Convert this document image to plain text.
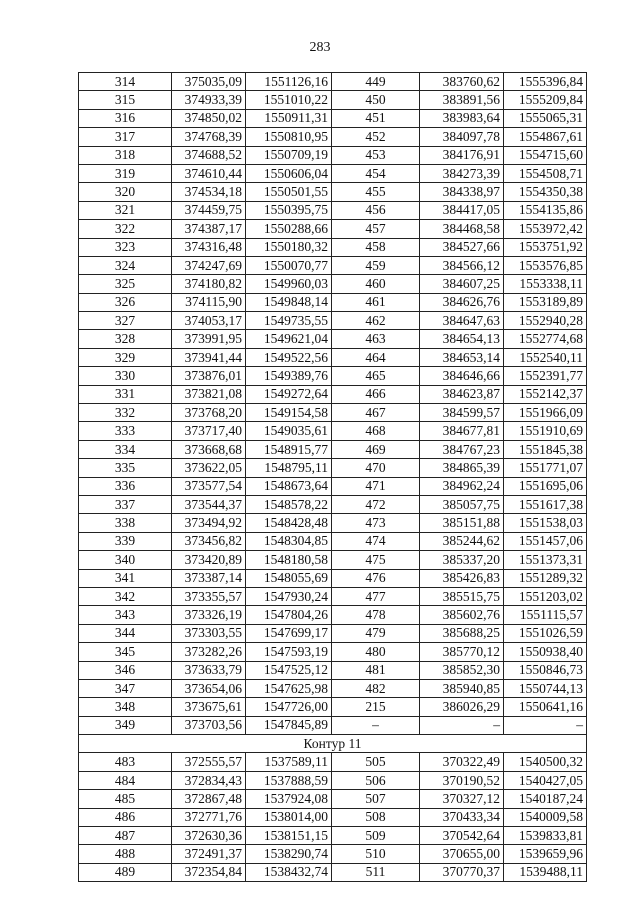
283
314	375035,09	1551126,16	449	383760,62	1555396,84
315	374933,39	1551010,22	450	383891,56	1555209,84
316	374850,02	1550911,31	451	383983,64	1555065,31
317	374768,39	1550810,95	452	384097,78	1554867,61
318	374688,52	1550709,19	453	384176,91	1554715,60
319	374610,44	1550606,04	454	384273,39	1554508,71
320	374534,18	1550501,55	455	384338,97	1554350,38
321	374459,75	1550395,75	456	384417,05	1554135,86
322	374387,17	1550288,66	457	384468,58	1553972,42
323	374316,48	1550180,32	458	384527,66	1553751,92
324	374247,69	1550070,77	459	384566,12	1553576,85
325	374180,82	1549960,03	460	384607,25	1553338,11
326	374115,90	1549848,14	461	384626,76	1553189,89
327	374053,17	1549735,55	462	384647,63	1552940,28
328	373991,95	1549621,04	463	384654,13	1552774,68
329	373941,44	1549522,56	464	384653,14	1552540,11
330	373876,01	1549389,76	465	384646,66	1552391,77
331	373821,08	1549272,64	466	384623,87	1552142,37
332	373768,20	1549154,58	467	384599,57	1551966,09
333	373717,40	1549035,61	468	384677,81	1551910,69
334	373668,68	1548915,77	469	384767,23	1551845,38
335	373622,05	1548795,11	470	384865,39	1551771,07
336	373577,54	1548673,64	471	384962,24	1551695,06
337	373544,37	1548578,22	472	385057,75	1551617,38
338	373494,92	1548428,48	473	385151,88	1551538,03
339	373456,82	1548304,85	474	385244,62	1551457,06
340	373420,89	1548180,58	475	385337,20	1551373,31
341	373387,14	1548055,69	476	385426,83	1551289,32
342	373355,57	1547930,24	477	385515,75	1551203,02
343	373326,19	1547804,26	478	385602,76	1551115,57
344	373303,55	1547699,17	479	385688,25	1551026,59
345	373282,26	1547593,19	480	385770,12	1550938,40
346	373633,79	1547525,12	481	385852,30	1550846,73
347	373654,06	1547625,98	482	385940,85	1550744,13
348	373675,61	1547726,00	215	386026,29	1550641,16
349	373703,56	1547845,89	–	–	–
Контур 11					
483	372555,57	1537589,11	505	370322,49	1540500,32
484	372834,43	1537888,59	506	370190,52	1540427,05
485	372867,48	1537924,08	507	370327,12	1540187,24
486	372771,76	1538014,00	508	370433,34	1540009,58
487	372630,36	1538151,15	509	370542,64	1539833,81
488	372491,37	1538290,74	510	370655,00	1539659,96
489	372354,84	1538432,74	511	370770,37	1539488,11
